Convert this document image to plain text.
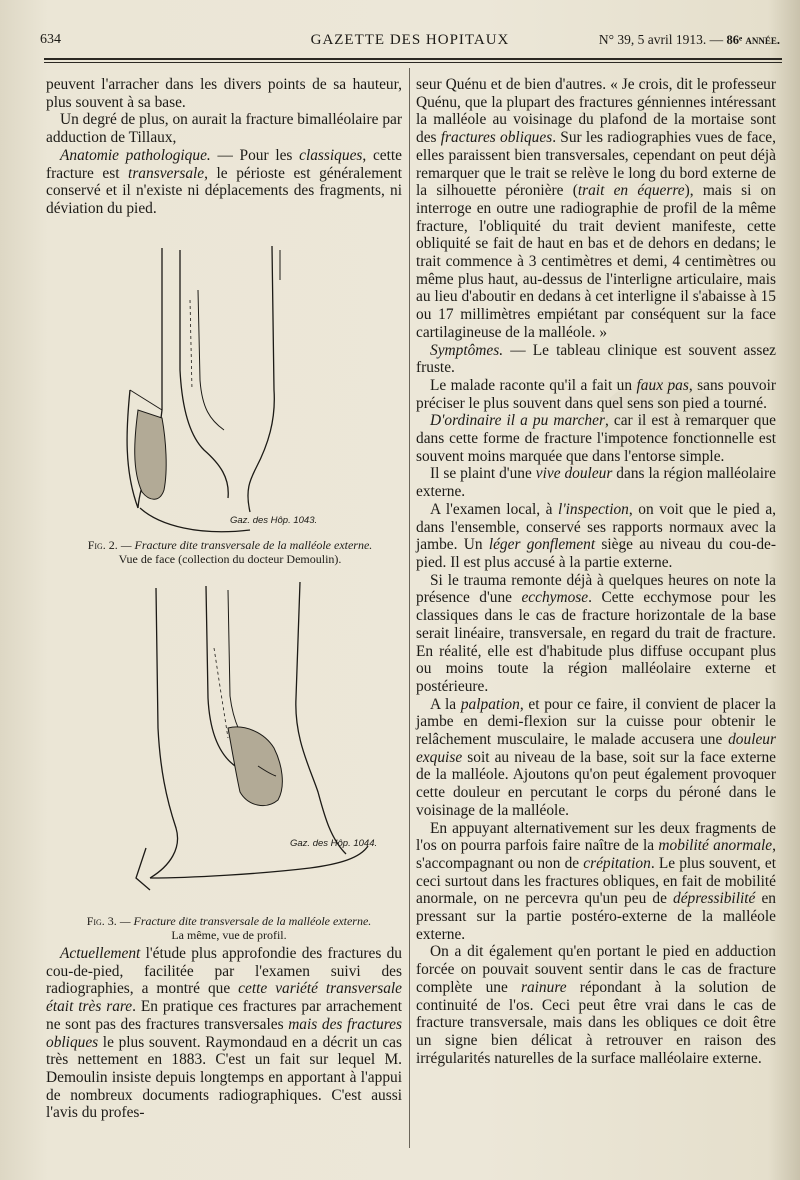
634	GAZETTE DES HOPITAUX	N° 39, 5 avril 1913. — 86ᵉ année.

peuvent l'arracher dans les divers points de sa hauteur, plus souvent à sa base.

Un degré de plus, on aurait la fracture bimalléolaire par adduction de Tillaux,

Anatomie pathologique. — Pour les classiques, cette fracture est transversale, le périoste est généralement conservé et il n'existe ni déplacements des fragments, ni déviation du pied.

Gaz. des Hôp. 1043.
Fig. 2. — Fracture dite transversale de la malléole externe.
Vue de face (collection du docteur Demoulin).
Gaz. des Hôp. 1044.
Fig. 3. — Fracture dite transversale de la malléole externe.
La même, vue de profil.

Actuellement l'étude plus approfondie des fractures du cou-de-pied, facilitée par l'examen suivi des radiographies, a montré que cette variété transversale était très rare. En pratique ces fractures par arrachement ne sont pas des fractures transversales mais des fractures obliques le plus souvent. Raymondaud en a décrit un cas très nettement en 1883. C'est un fait sur lequel M. Demoulin insiste depuis longtemps en apportant à l'appui de nombreux documents radiographiques. C'est aussi l'avis du profes-

seur Quénu et de bien d'autres. « Je crois, dit le professeur Quénu, que la plupart des fractures génniennes intéressant la malléole au voisinage du plafond de la mortaise sont des fractures obliques. Sur les radiographies vues de face, elles paraissent bien transversales, cependant on peut déjà remarquer que le trait se relève le long du bord externe de la silhouette péronière (trait en équerre), mais si on interroge en outre une radiographie de profil de la même fracture, l'obliquité du trait devient manifeste, cette obliquité se fait de haut en bas et de dehors en dedans; le trait commence à 3 centimètres et demi, 4 centimètres ou même plus haut, au-dessus de l'interligne articulaire, mais au lieu d'aboutir en dedans à cet interligne il s'abaisse à 15 ou 17 millimètres empiétant par conséquent sur la face cartilagineuse de la malléole. »

Symptômes. — Le tableau clinique est souvent assez fruste.

Le malade raconte qu'il a fait un faux pas, sans pouvoir préciser le plus souvent dans quel sens son pied a tourné.

D'ordinaire il a pu marcher, car il est à remarquer que dans cette forme de fracture l'impotence fonctionnelle est souvent moins marquée que dans l'entorse simple.

Il se plaint d'une vive douleur dans la région malléolaire externe.

A l'examen local, à l'inspection, on voit que le pied a, dans l'ensemble, conservé ses rapports normaux avec la jambe. Un léger gonflement siège au niveau du cou-de-pied. Il est plus accusé à la partie externe.

Si le trauma remonte déjà à quelques heures on note la présence d'une ecchymose. Cette ecchymose pour les classiques dans le cas de fracture horizontale de la base serait linéaire, transversale, en regard du trait de fracture. En réalité, elle est d'habitude plus diffuse occupant plus ou moins toute la région malléolaire externe et postérieure.

A la palpation, et pour ce faire, il convient de placer la jambe en demi-flexion sur la cuisse pour obtenir le relâchement musculaire, le malade accusera une douleur exquise soit au niveau de la base, soit sur la face externe de la malléole. Ajoutons qu'on peut également provoquer cette douleur en percutant le corps du péroné dans le voisinage de la malléole.

En appuyant alternativement sur les deux fragments de l'os on pourra parfois faire naître de la mobilité anormale, s'accompagnant ou non de crépitation. Le plus souvent, et ceci surtout dans les fractures obliques, en fait de mobilité anormale, on ne percevra qu'un peu de dépressibilité en pressant sur la partie postéro-externe de la malléole externe.

On a dit également qu'en portant le pied en adduction forcée on pouvait souvent sentir dans le cas de fracture complète une rainure répondant à la solution de continuité de l'os. Ceci peut être vrai dans le cas de fracture transversale, mais dans les obliques ce doit être un signe bien délicat à retrouver en raison des irrégularités naturelles de la surface malléolaire externe.
